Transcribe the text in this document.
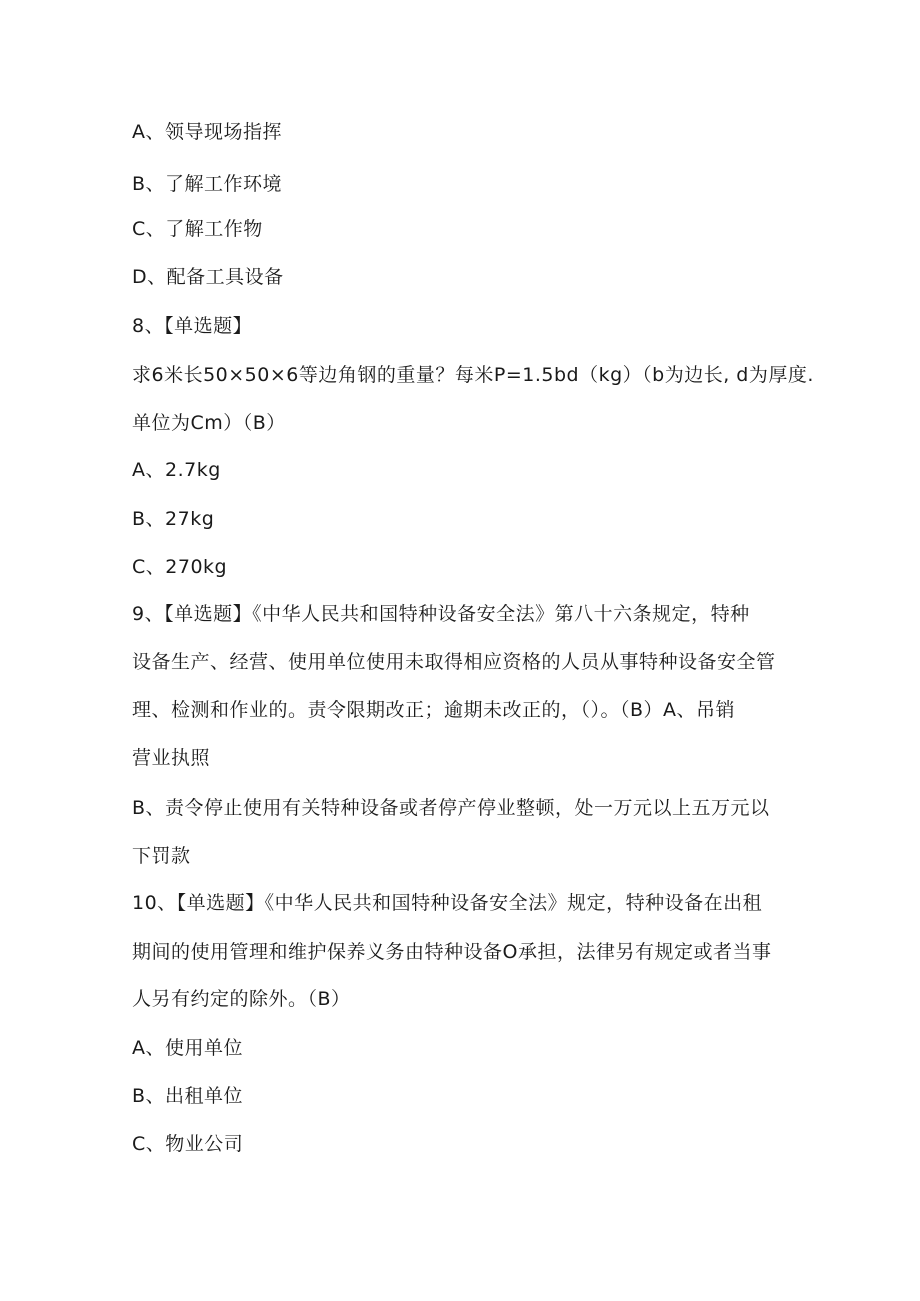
A、领导现场指挥
B、了解工作环境
C、了解工作物
D、配备工具设备
8、【单选题】
求6米长50×50×6等边角钢的重量？每米P=1.5bd（kg）（b为边长, d为厚度.
单位为Cm）（B）
A、2.7kg
B、27kg
C、270kg
9、【单选题】《中华人民共和国特种设备安全法》第八十六条规定，特种
设备生产、经营、使用单位使用未取得相应资格的人员从事特种设备安全管
理、检测和作业的。责令限期改正；逾期未改正的，（）。（B）A、吊销
营业执照
B、责令停止使用有关特种设备或者停产停业整顿，处一万元以上五万元以
下罚款
10、【单选题】《中华人民共和国特种设备安全法》规定，特种设备在出租
期间的使用管理和维护保养义务由特种设备O承担，法律另有规定或者当事
人另有约定的除外。（B）
A、使用单位
B、出租单位
C、物业公司
